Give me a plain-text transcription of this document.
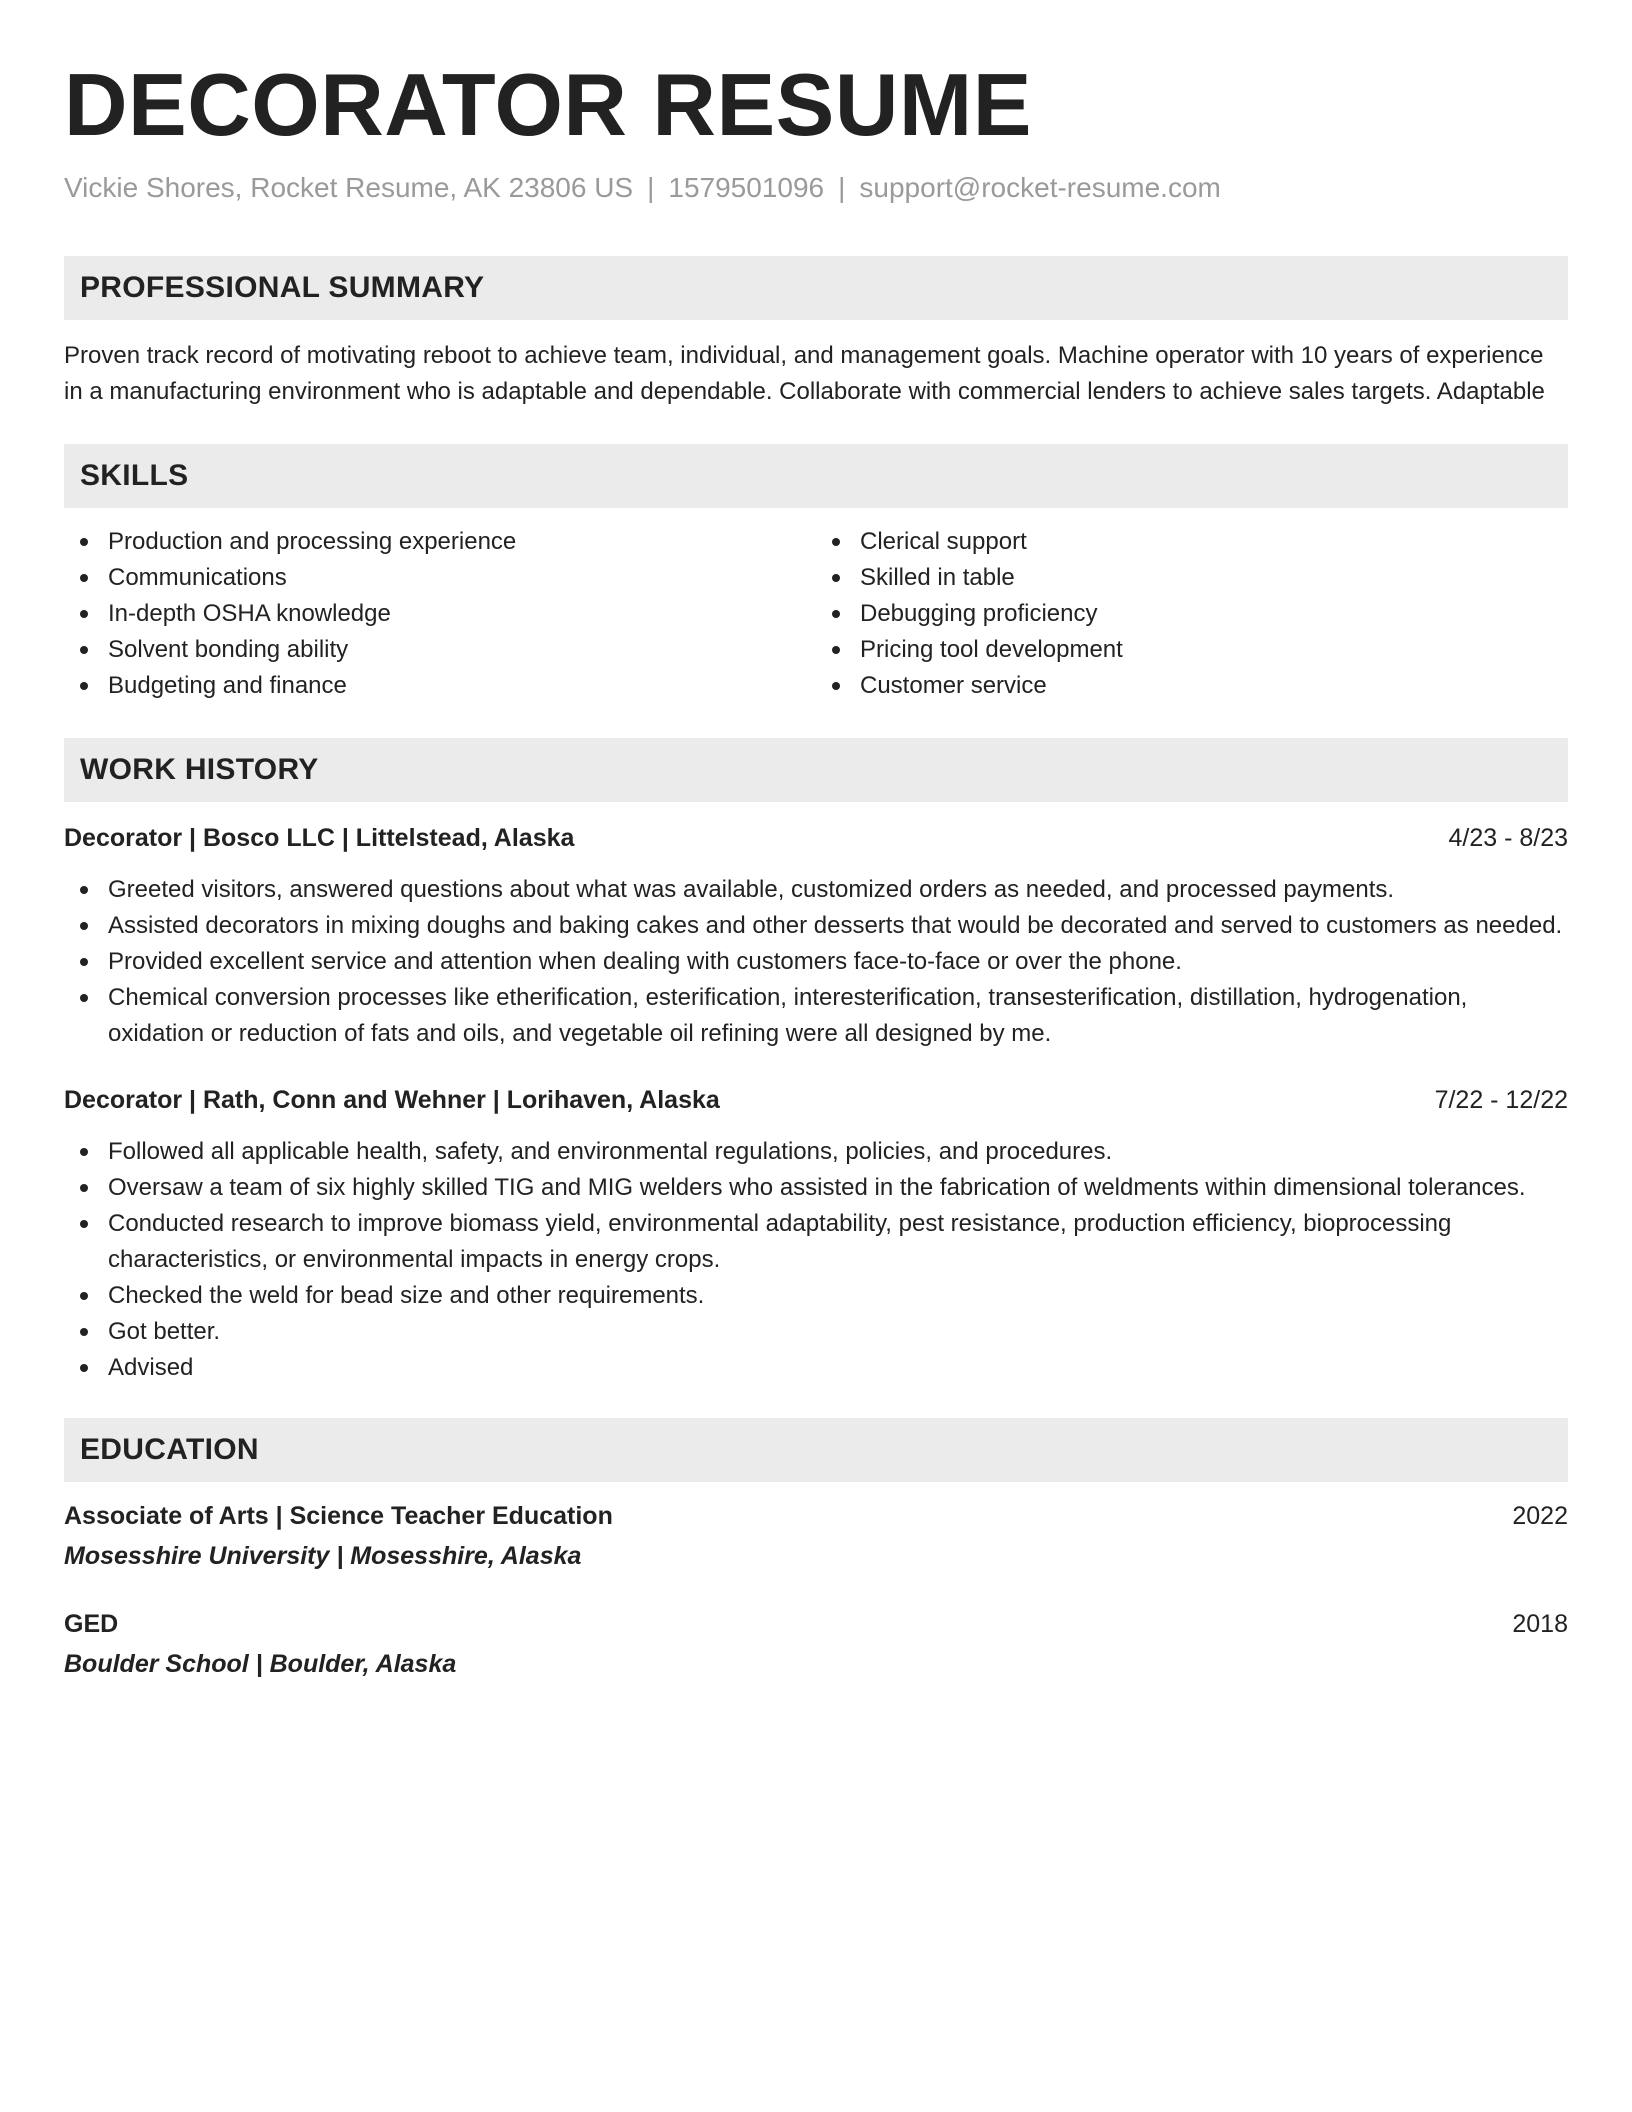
DECORATOR RESUME
Vickie Shores, Rocket Resume, AK 23806 US | 1579501096 | support@rocket-resume.com
PROFESSIONAL SUMMARY

Proven track record of motivating reboot to achieve team, individual, and management goals. Machine operator with 10 years of experience in a manufacturing environment who is adaptable and dependable. Collaborate with commercial lenders to achieve sales targets. Adaptable

SKILLS
Production and processing experience
Communications
In-depth OSHA knowledge
Solvent bonding ability
Budgeting and finance
Clerical support
Skilled in table
Debugging proficiency
Pricing tool development
Customer service
WORK HISTORY
Decorator | Bosco LLC | Littelstead, Alaska	4/23 - 8/23
Greeted visitors, answered questions about what was available, customized orders as needed, and processed payments.
Assisted decorators in mixing doughs and baking cakes and other desserts that would be decorated and served to customers as needed.
Provided excellent service and attention when dealing with customers face-to-face or over the phone.
Chemical conversion processes like etherification, esterification, interesterification, transesterification, distillation, hydrogenation, oxidation or reduction of fats and oils, and vegetable oil refining were all designed by me.
Decorator | Rath, Conn and Wehner | Lorihaven, Alaska	7/22 - 12/22
Followed all applicable health, safety, and environmental regulations, policies, and procedures.
Oversaw a team of six highly skilled TIG and MIG welders who assisted in the fabrication of weldments within dimensional tolerances.
Conducted research to improve biomass yield, environmental adaptability, pest resistance, production efficiency, bioprocessing characteristics, or environmental impacts in energy crops.
Checked the weld for bead size and other requirements.
Got better.
Advised
EDUCATION
Associate of Arts | Science Teacher Education	2022
Mosesshire University | Mosesshire, Alaska
GED	2018
Boulder School | Boulder, Alaska
